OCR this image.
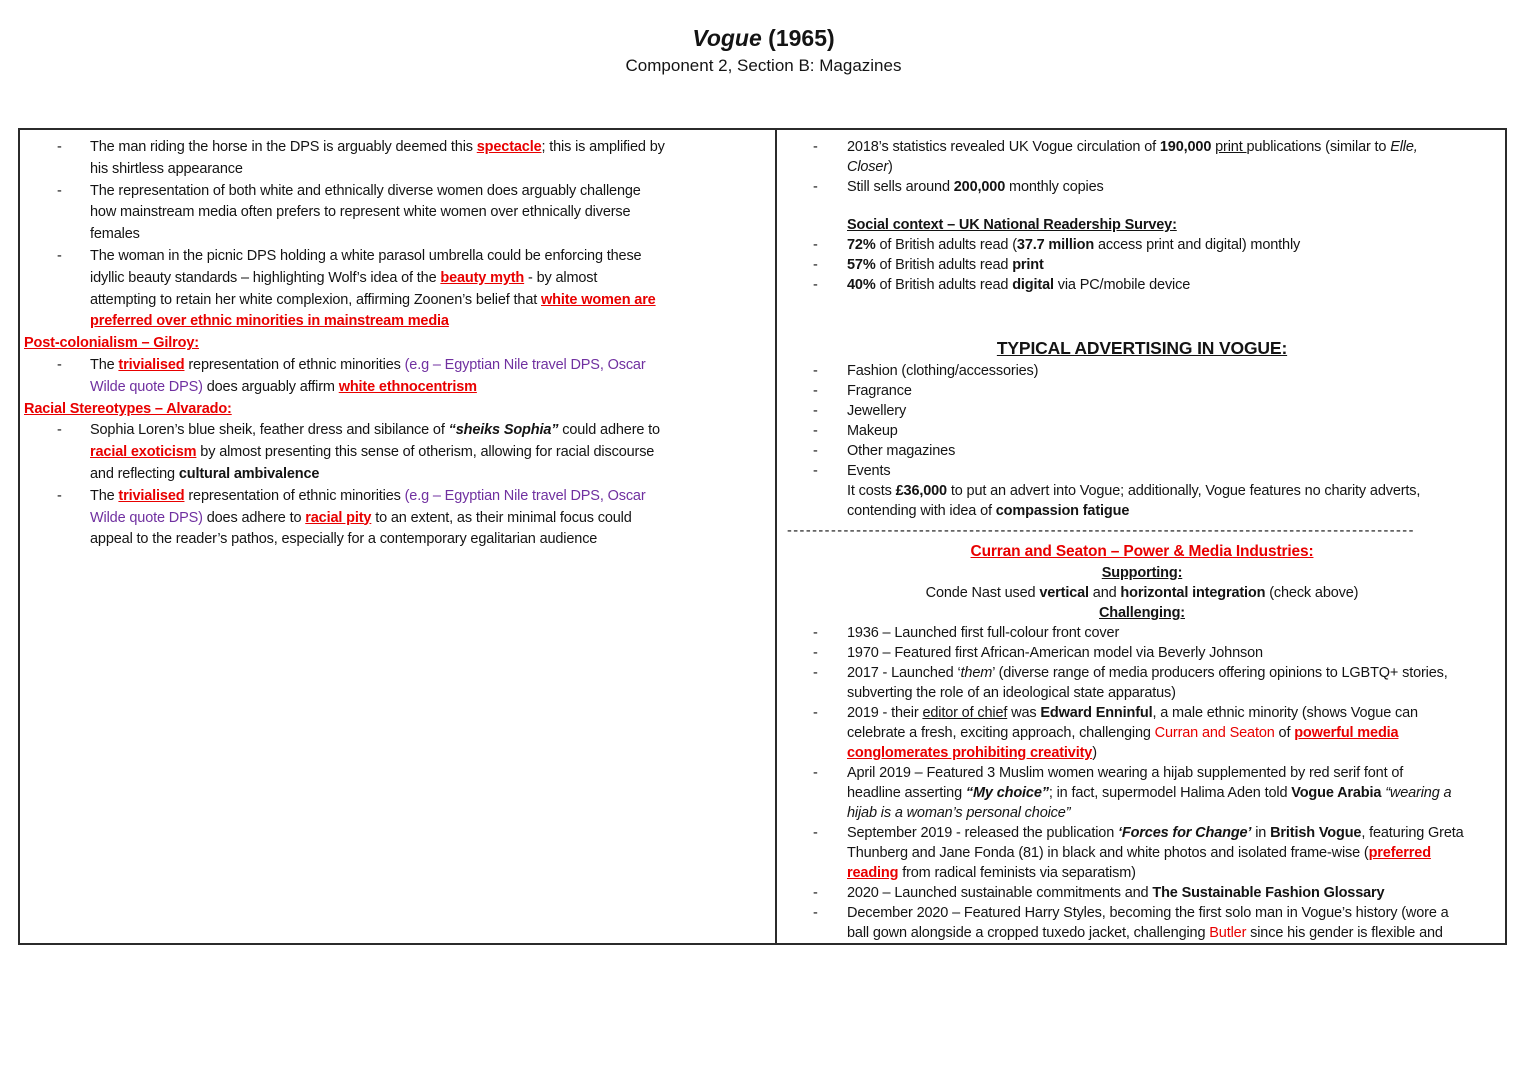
Vogue (1965)
Component 2, Section B: Magazines
-	The man riding the horse in the DPS is arguably deemed this spectacle; this is amplified by
his shirtless appearance
-	The representation of both white and ethnically diverse women does arguably challenge
how mainstream media often prefers to represent white women over ethnically diverse
females
-	The woman in the picnic DPS holding a white parasol umbrella could be enforcing these
idyllic beauty standards – highlighting Wolf’s idea of the beauty myth - by almost
attempting to retain her white complexion, affirming Zoonen’s belief that white women are
preferred over ethnic minorities in mainstream media
Post-colonialism – Gilroy:
-	The trivialised representation of ethnic minorities (e.g – Egyptian Nile travel DPS, Oscar
Wilde quote DPS) does arguably affirm white ethnocentrism
Racial Stereotypes – Alvarado:
-	Sophia Loren’s blue sheik, feather dress and sibilance of “sheiks Sophia” could adhere to
racial exoticism by almost presenting this sense of otherism, allowing for racial discourse
and reflecting cultural ambivalence
-	The trivialised representation of ethnic minorities (e.g – Egyptian Nile travel DPS, Oscar
Wilde quote DPS) does adhere to racial pity to an extent, as their minimal focus could
appeal to the reader’s pathos, especially for a contemporary egalitarian audience
-	2018’s statistics revealed UK Vogue circulation of 190,000 print publications (similar to Elle,
Closer)
-	Still sells around 200,000 monthly copies
Social context – UK National Readership Survey:
-	72% of British adults read (37.7 million access print and digital) monthly
-	57% of British adults read print
-	40% of British adults read digital via PC/mobile device
TYPICAL ADVERTISING IN VOGUE:
-	Fashion (clothing/accessories)
-	Fragrance
-	Jewellery
-	Makeup
-	Other magazines
-	Events
It costs £36,000 to put an advert into Vogue; additionally, Vogue features no charity adverts,
contending with idea of compassion fatigue
----------------------------------------------------------------------------------------------------
Curran and Seaton – Power & Media Industries:
Supporting:
Conde Nast used vertical and horizontal integration (check above)
Challenging:
-	1936 – Launched first full-colour front cover
-	1970 – Featured first African-American model via Beverly Johnson
-	2017 - Launched ‘them’ (diverse range of media producers offering opinions to LGBTQ+ stories,
subverting the role of an ideological state apparatus)
-	2019 - their editor of chief was Edward Enninful, a male ethnic minority (shows Vogue can
celebrate a fresh, exciting approach, challenging Curran and Seaton of powerful media
conglomerates prohibiting creativity)
-	April 2019 – Featured 3 Muslim women wearing a hijab supplemented by red serif font of
headline asserting “My choice”; in fact, supermodel Halima Aden told Vogue Arabia “wearing a
hijab is a woman’s personal choice”
-	September 2019 - released the publication ‘Forces for Change’ in British Vogue, featuring Greta
Thunberg and Jane Fonda (81) in black and white photos and isolated frame-wise (preferred
reading from radical feminists via separatism)
-	2020 – Launched sustainable commitments and The Sustainable Fashion Glossary
-	December 2020 – Featured Harry Styles, becoming the first solo man in Vogue’s history (wore a
ball gown alongside a cropped tuxedo jacket, challenging Butler since his gender is flexible and
